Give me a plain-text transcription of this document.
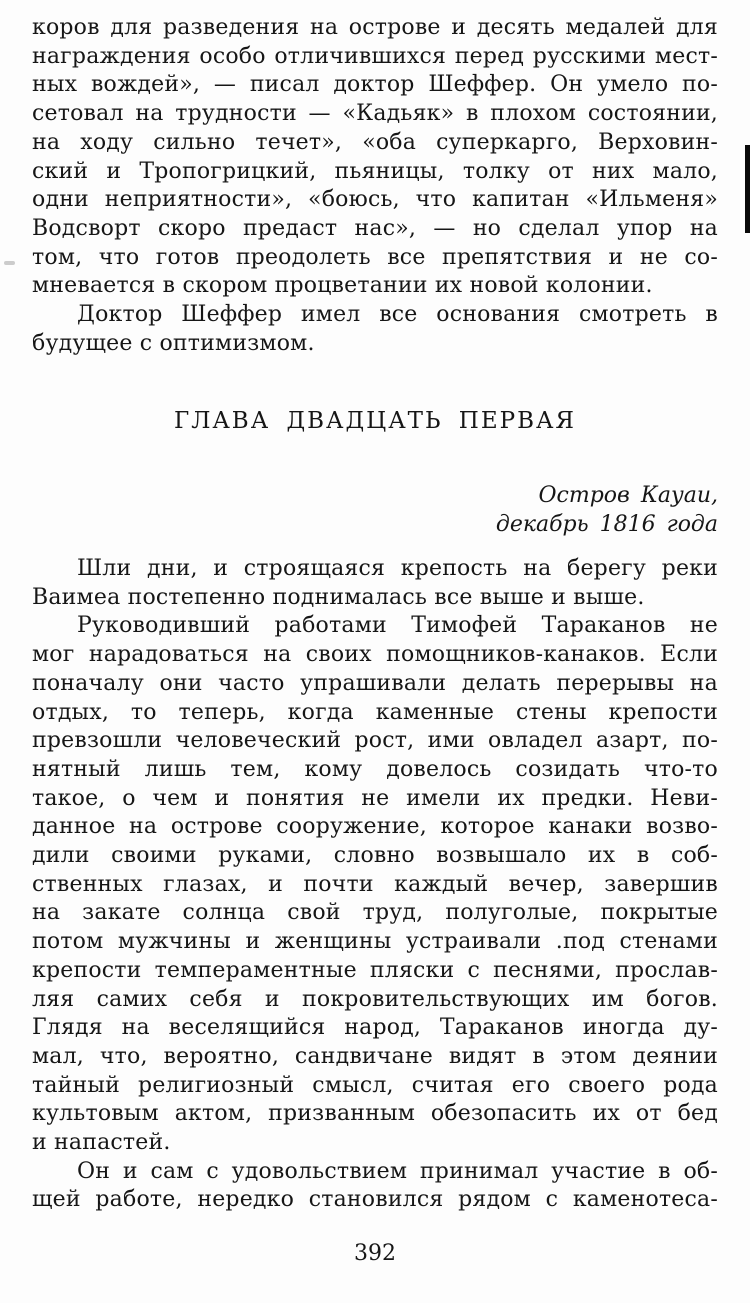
коров для разведения на острове и десять медалей для
награждения особо отличившихся перед русскими мест-
ных вождей», — писал доктор Шеффер. Он умело по-
сетовал на трудности — «Кадьяк» в плохом состоянии,
на ходу сильно течет», «оба суперкарго, Верховин-
ский и Тропогрицкий, пьяницы, толку от них мало,
одни неприятности», «боюсь, что капитан «Ильменя»
Водсворт скоро предаст нас», — но сделал упор на
том, что готов преодолеть все препятствия и не со-
мневается в скором процветании их новой колонии.
Доктор Шеффер имел все основания смотреть в
будущее с оптимизмом.
ГЛАВА ДВАДЦАТЬ ПЕРВАЯ
Остров Кауаи,
декабрь 1816 года
Шли дни, и строящаяся крепость на берегу реки
Ваимеа постепенно поднималась все выше и выше.
Руководивший работами Тимофей Тараканов не
мог нарадоваться на своих помощников-канаков. Если
поначалу они часто упрашивали делать перерывы на
отдых, то теперь, когда каменные стены крепости
превзошли человеческий рост, ими овладел азарт, по-
нятный лишь тем, кому довелось созидать что-то
такое, о чем и понятия не имели их предки. Неви-
данное на острове сооружение, которое канаки возво-
дили своими руками, словно возвышало их в соб-
ственных глазах, и почти каждый вечер, завершив
на закате солнца свой труд, полуголые, покрытые
потом мужчины и женщины устраивали .под стенами
крепости темпераментные пляски с песнями, прослав-
ляя самих себя и покровительствующих им богов.
Глядя на веселящийся народ, Тараканов иногда ду-
мал, что, вероятно, сандвичане видят в этом деянии
тайный религиозный смысл, считая его своего рода
культовым актом, призванным обезопасить их от бед
и напастей.
Он и сам с удовольствием принимал участие в об-
щей работе, нередко становился рядом с каменотеса-
392
